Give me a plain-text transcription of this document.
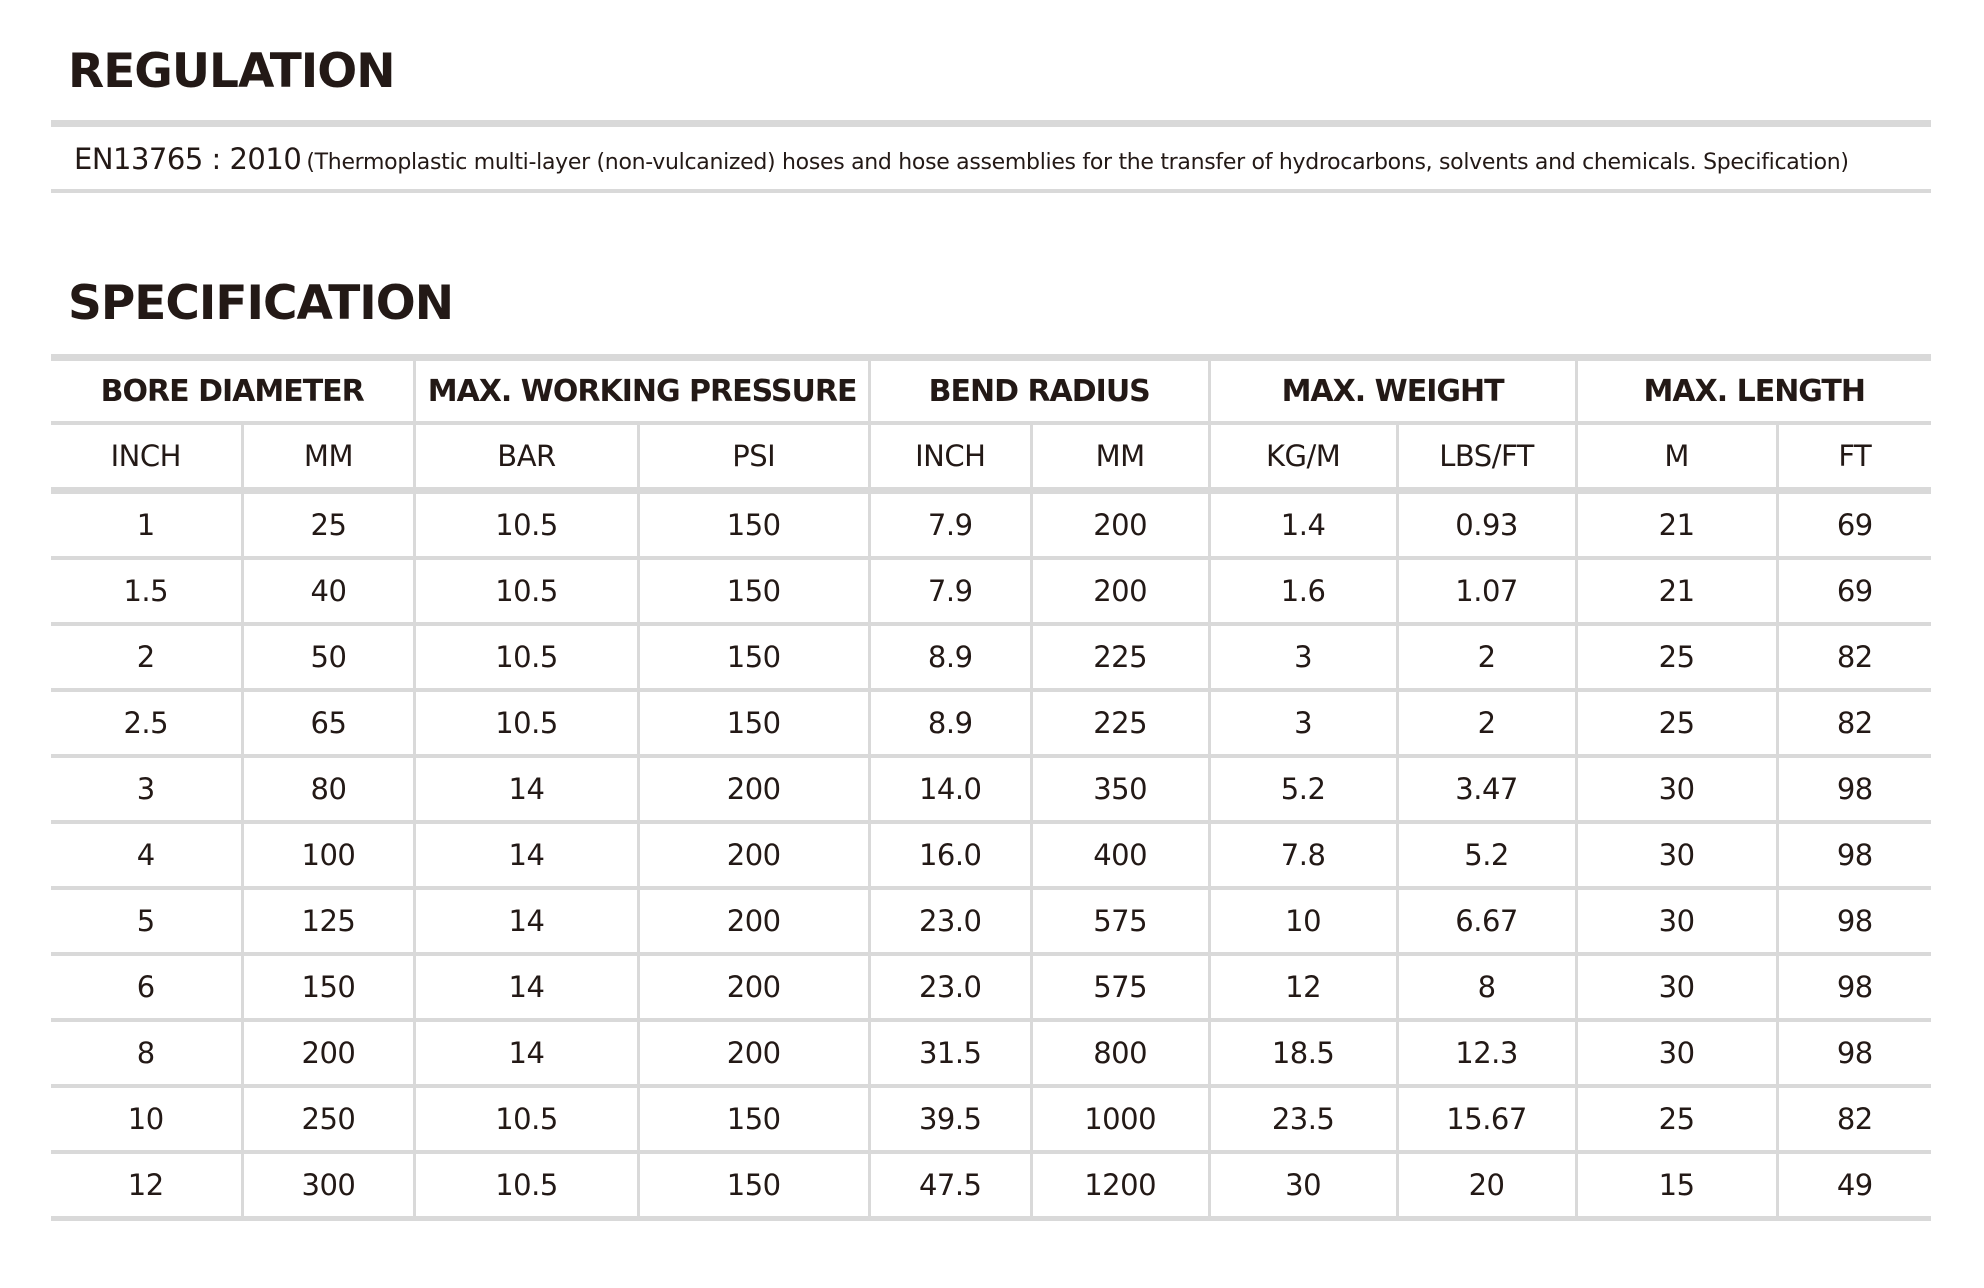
REGULATION
EN13765 : 2010 (Thermoplastic multi-layer (non-vulcanized) hoses and hose assemblies for the transfer of hydrocarbons, solvents and chemicals. Specification)
SPECIFICATION
BORE DIAMETER		MAX. WORKING PRESSURE		BEND RADIUS		MAX. WEIGHT		MAX. LENGTH	
INCH	MM	BAR	PSI	INCH	MM	KG/M	LBS/FT	M	FT
1	25	10.5	150	7.9	200	1.4	0.93	21	69
1.5	40	10.5	150	7.9	200	1.6	1.07	21	69
2	50	10.5	150	8.9	225	3	2	25	82
2.5	65	10.5	150	8.9	225	3	2	25	82
3	80	14	200	14.0	350	5.2	3.47	30	98
4	100	14	200	16.0	400	7.8	5.2	30	98
5	125	14	200	23.0	575	10	6.67	30	98
6	150	14	200	23.0	575	12	8	30	98
8	200	14	200	31.5	800	18.5	12.3	30	98
10	250	10.5	150	39.5	1000	23.5	15.67	25	82
12	300	10.5	150	47.5	1200	30	20	15	49
